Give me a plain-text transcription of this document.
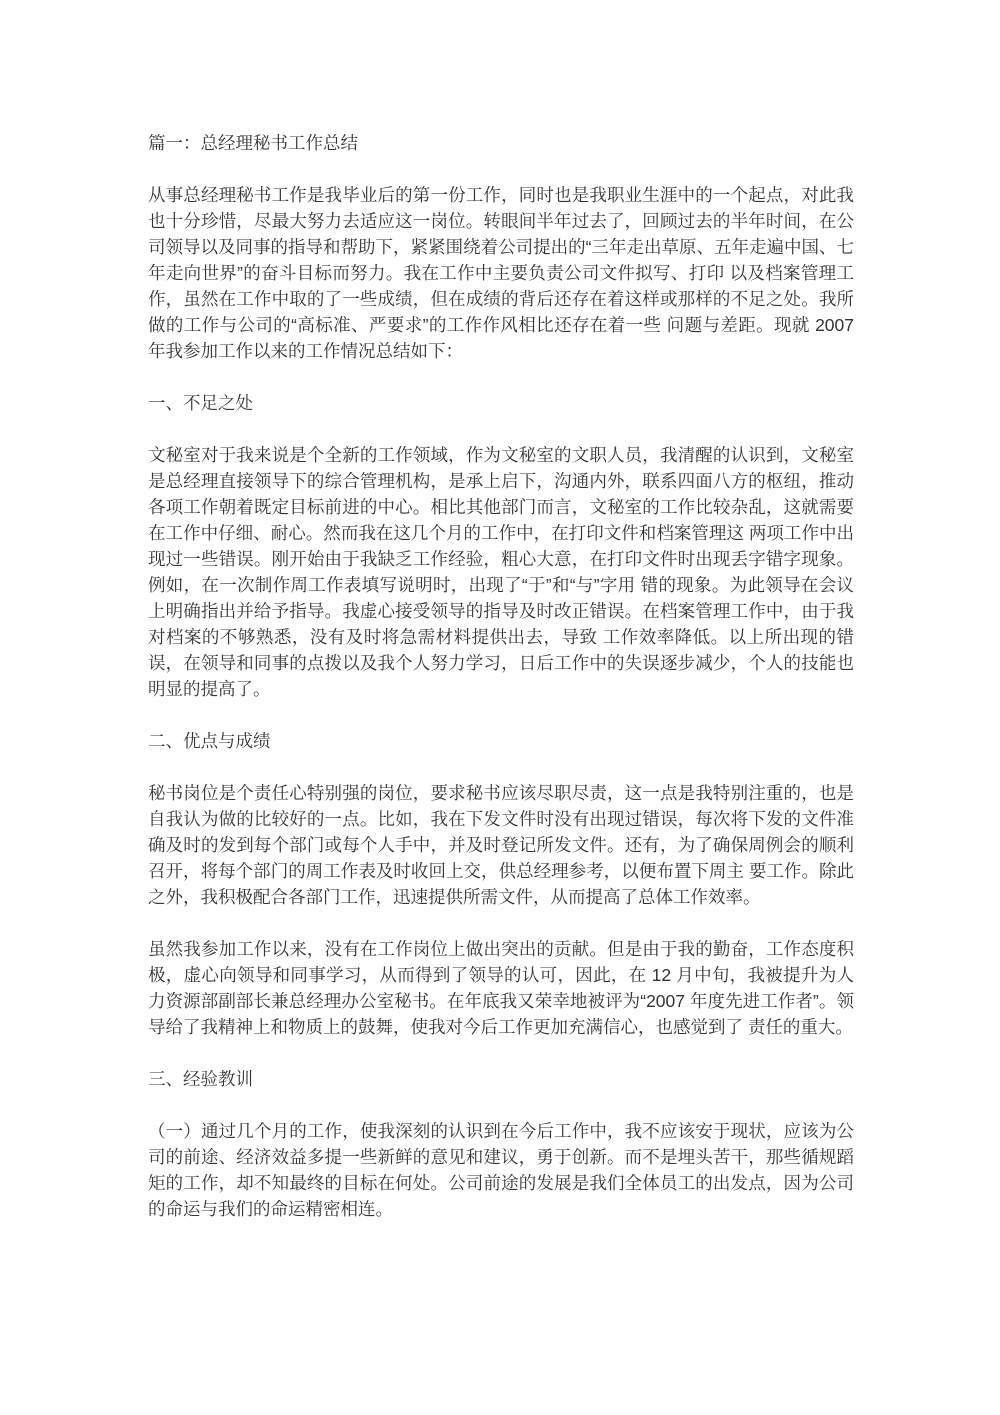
篇一：总经理秘书工作总结

从事总经理秘书工作是我毕业后的第一份工作，同时也是我职业生涯中的一个起点，对此我也十分珍惜，尽最大努力去适应这一岗位。转眼间半年过去了，回顾过去的半年时间，在公司领导以及同事的指导和帮助下，紧紧围绕着公司提出的“三年走出草原、五年走遍中国、七年走向世界”的奋斗目标而努力。我在工作中主要负责公司文件拟写、打印 以及档案管理工作，虽然在工作中取的了一些成绩，但在成绩的背后还存在着这样或那样的不足之处。我所做的工作与公司的“高标准、严要求”的工作作风相比还存在着一些 问题与差距。现就 2007 年我参加工作以来的工作情况总结如下：

一、不足之处

文秘室对于我来说是个全新的工作领域，作为文秘室的文职人员，我清醒的认识到，文秘室是总经理直接领导下的综合管理机构，是承上启下，沟通内外，联系四面八方的枢纽，推动各项工作朝着既定目标前进的中心。相比其他部门而言，文秘室的工作比较杂乱，这就需要在工作中仔细、耐心。然而我在这几个月的工作中，在打印文件和档案管理这 两项工作中出现过一些错误。刚开始由于我缺乏工作经验，粗心大意，在打印文件时出现丢字错字现象。例如，在一次制作周工作表填写说明时，出现了“于”和“与”字用 错的现象。为此领导在会议上明确指出并给予指导。我虚心接受领导的指导及时改正错误。在档案管理工作中，由于我对档案的不够熟悉，没有及时将急需材料提供出去，导致 工作效率降低。以上所出现的错误，在领导和同事的点拨以及我个人努力学习，日后工作中的失误逐步减少，个人的技能也明显的提高了。

二、优点与成绩

秘书岗位是个责任心特别强的岗位，要求秘书应该尽职尽责，这一点是我特别注重的，也是自我认为做的比较好的一点。比如，我在下发文件时没有出现过错误，每次将下发的文件准确及时的发到每个部门或每个人手中，并及时登记所发文件。还有，为了确保周例会的顺利召开，将每个部门的周工作表及时收回上交，供总经理参考，以便布置下周主 要工作。除此之外，我积极配合各部门工作，迅速提供所需文件，从而提高了总体工作效率。

虽然我参加工作以来，没有在工作岗位上做出突出的贡献。但是由于我的勤奋，工作态度积极，虚心向领导和同事学习，从而得到了领导的认可，因此，在 12 月中旬，我被提升为人力资源部副部长兼总经理办公室秘书。在年底我又荣幸地被评为“2007 年度先进工作者”。领导给了我精神上和物质上的鼓舞，使我对今后工作更加充满信心，也感觉到了 责任的重大。

三、经验教训

（一）通过几个月的工作，使我深刻的认识到在今后工作中，我不应该安于现状，应该为公司的前途、经济效益多提一些新鲜的意见和建议，勇于创新。而不是埋头苦干，那些循规蹈矩的工作，却不知最终的目标在何处。公司前途的发展是我们全体员工的出发点，因为公司的命运与我们的命运精密相连。
